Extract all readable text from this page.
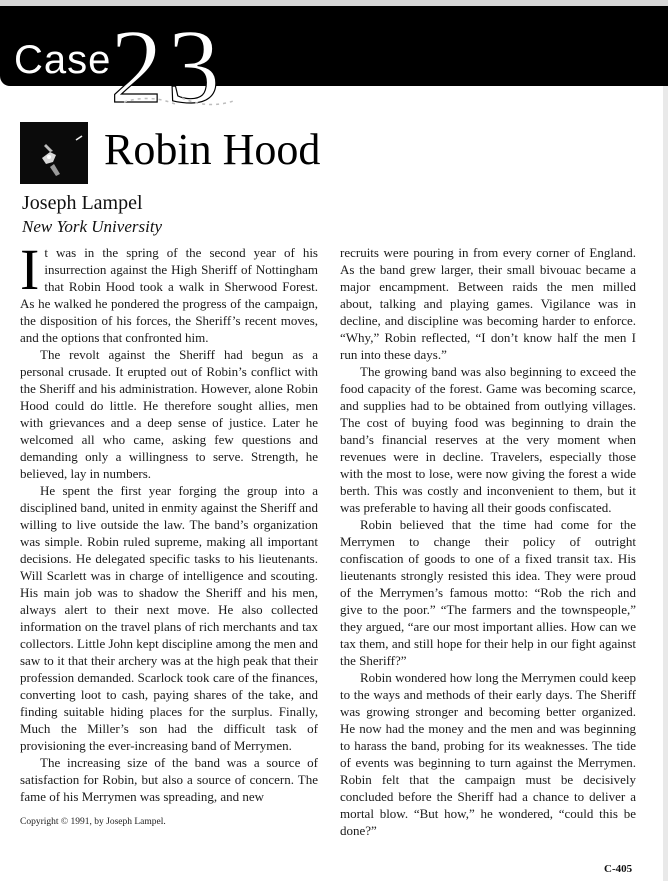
Case
23
Robin Hood
Joseph Lampel
New York University

It was in the spring of the second year of his insurrection against the High Sheriff of Nottingham that Robin Hood took a walk in Sherwood Forest. As he walked he pondered the progress of the campaign, the disposition of his forces, the Sheriff’s recent moves, and the options that confronted him.

The revolt against the Sheriff had begun as a personal crusade. It erupted out of Robin’s conflict with the Sheriff and his administration. However, alone Robin Hood could do little. He therefore sought allies, men with grievances and a deep sense of justice. Later he welcomed all who came, asking few questions and demanding only a willingness to serve. Strength, he believed, lay in numbers.

He spent the first year forging the group into a disciplined band, united in enmity against the Sheriff and willing to live outside the law. The band’s organization was simple. Robin ruled supreme, making all important decisions. He delegated specific tasks to his lieutenants. Will Scarlett was in charge of intelligence and scouting. His main job was to shadow the Sheriff and his men, always alert to their next move. He also collected information on the travel plans of rich merchants and tax collectors. Little John kept discipline among the men and saw to it that their archery was at the high peak that their profession demanded. Scarlock took care of the finances, converting loot to cash, paying shares of the take, and finding suitable hiding places for the surplus. Finally, Much the Miller’s son had the difficult task of provisioning the ever-increasing band of Merrymen.

The increasing size of the band was a source of satisfaction for Robin, but also a source of concern. The fame of his Merrymen was spreading, and new

recruits were pouring in from every corner of England. As the band grew larger, their small bivouac became a major encampment. Between raids the men milled about, talking and playing games. Vigilance was in decline, and discipline was becoming harder to enforce. “Why,” Robin reflected, “I don’t know half the men I run into these days.”

The growing band was also beginning to exceed the food capacity of the forest. Game was becoming scarce, and supplies had to be obtained from outlying villages. The cost of buying food was beginning to drain the band’s financial reserves at the very moment when revenues were in decline. Travelers, especially those with the most to lose, were now giving the forest a wide berth. This was costly and inconvenient to them, but it was preferable to having all their goods confiscated.

Robin believed that the time had come for the Merrymen to change their policy of outright confiscation of goods to one of a fixed transit tax. His lieutenants strongly resisted this idea. They were proud of the Merrymen’s famous motto: “Rob the rich and give to the poor.” “The farmers and the townspeople,” they argued, “are our most important allies. How can we tax them, and still hope for their help in our fight against the Sheriff?”

Robin wondered how long the Merrymen could keep to the ways and methods of their early days. The Sheriff was growing stronger and becoming better organized. He now had the money and the men and was beginning to harass the band, probing for its weaknesses. The tide of events was beginning to turn against the Merrymen. Robin felt that the campaign must be decisively concluded before the Sheriff had a chance to deliver a mortal blow. “But how,” he wondered, “could this be done?”

Copyright © 1991, by Joseph Lampel.
C-405
